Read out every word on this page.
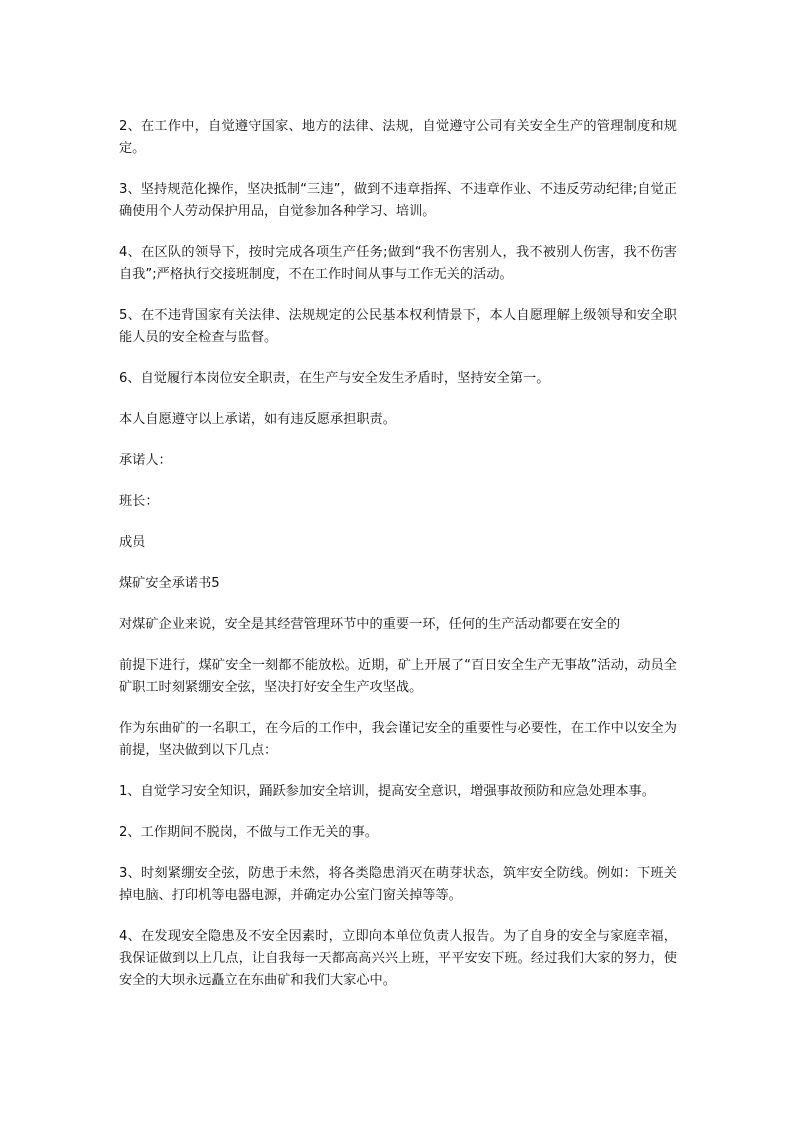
2、在工作中，自觉遵守国家、地方的法律、法规，自觉遵守公司有关安全生产的管理制度和规定。

3、坚持规范化操作，坚决抵制“三违”，做到不违章指挥、不违章作业、不违反劳动纪律;自觉正确使用个人劳动保护用品，自觉参加各种学习、培训。

4、在区队的领导下，按时完成各项生产任务;做到“我不伤害别人，我不被别人伤害，我不伤害自我”;严格执行交接班制度，不在工作时间从事与工作无关的活动。

5、在不违背国家有关法律、法规规定的公民基本权利情景下，本人自愿理解上级领导和安全职能人员的安全检查与监督。

6、自觉履行本岗位安全职责，在生产与安全发生矛盾时，坚持安全第一。

本人自愿遵守以上承诺，如有违反愿承担职责。

承诺人：

班长：

成员

煤矿安全承诺书5

对煤矿企业来说，安全是其经营管理环节中的重要一环，任何的生产活动都要在安全的

前提下进行，煤矿安全一刻都不能放松。近期，矿上开展了“百日安全生产无事故”活动，动员全矿职工时刻紧绷安全弦，坚决打好安全生产攻坚战。

作为东曲矿的一名职工，在今后的工作中，我会谨记安全的重要性与必要性，在工作中以安全为前提，坚决做到以下几点：

1、自觉学习安全知识，踊跃参加安全培训，提高安全意识，增强事故预防和应急处理本事。

2、工作期间不脱岗，不做与工作无关的事。

3、时刻紧绷安全弦，防患于未然，将各类隐患消灭在萌芽状态，筑牢安全防线。例如：下班关掉电脑、打印机等电器电源，并确定办公室门窗关掉等等。

4、在发现安全隐患及不安全因素时，立即向本单位负责人报告。为了自身的安全与家庭幸福，我保证做到以上几点，让自我每一天都高高兴兴上班，平平安安下班。经过我们大家的努力，使安全的大坝永远矗立在东曲矿和我们大家心中。
